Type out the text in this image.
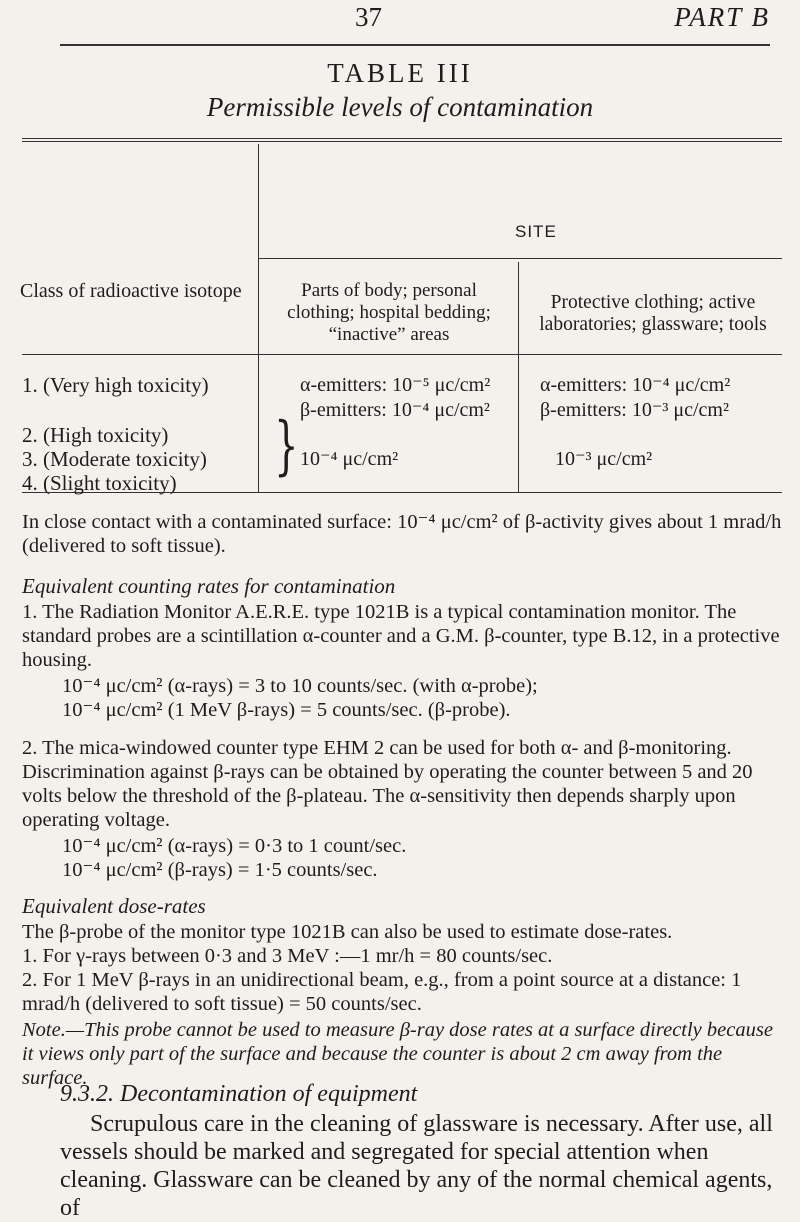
37	PART B
TABLE III
Permissible levels of contamination
SITE
Class of radioactive isotope	Parts of body; personal
clothing; hospital bedding;
“inactive” areas
Protective clothing; active
laboratories; glassware; tools
1. (Very high toxicity)
2. (High toxicity)
3. (Moderate toxicity)
4. (Slight toxicity)
α-emitters: 10⁻⁵ μc/cm²
β-emitters: 10⁻⁴ μc/cm²
} 10⁻⁴ μc/cm²
α-emitters: 10⁻⁴ μc/cm²
β-emitters: 10⁻³ μc/cm²
10⁻³ μc/cm²
In close contact with a contaminated surface: 10⁻⁴ μc/cm² of β-activity gives about 1 mrad/h (delivered to soft tissue).
Equivalent counting rates for contamination
1. The Radiation Monitor A.E.R.E. type 1021B is a typical contamination monitor. The standard probes are a scintillation α-counter and a G.M. β-counter, type B.12, in a protective housing.
10⁻⁴ μc/cm² (α-rays) = 3 to 10 counts/sec. (with α-probe);
10⁻⁴ μc/cm² (1 MeV β-rays) = 5 counts/sec. (β-probe).
2. The mica-windowed counter type EHM 2 can be used for both α- and β-monitoring. Discrimination against β-rays can be obtained by operating the counter between 5 and 20 volts below the threshold of the β-plateau. The α-sensitivity then depends sharply upon operating voltage.
10⁻⁴ μc/cm² (α-rays) = 0·3 to 1 count/sec.
10⁻⁴ μc/cm² (β-rays) = 1·5 counts/sec.
Equivalent dose-rates
The β-probe of the monitor type 1021B can also be used to estimate dose-rates.
1. For γ-rays between 0·3 and 3 MeV :—1 mr/h = 80 counts/sec.
2. For 1 MeV β-rays in an unidirectional beam, e.g., from a point source at a distance: 1 mrad/h (delivered to soft tissue) = 50 counts/sec.
Note.—This probe cannot be used to measure β-ray dose rates at a surface directly because it views only part of the surface and because the counter is about 2 cm away from the surface.
9.3.2. Decontamination of equipment
Scrupulous care in the cleaning of glassware is necessary. After use, all vessels should be marked and segregated for special attention when cleaning. Glassware can be cleaned by any of the normal chemical agents, of
